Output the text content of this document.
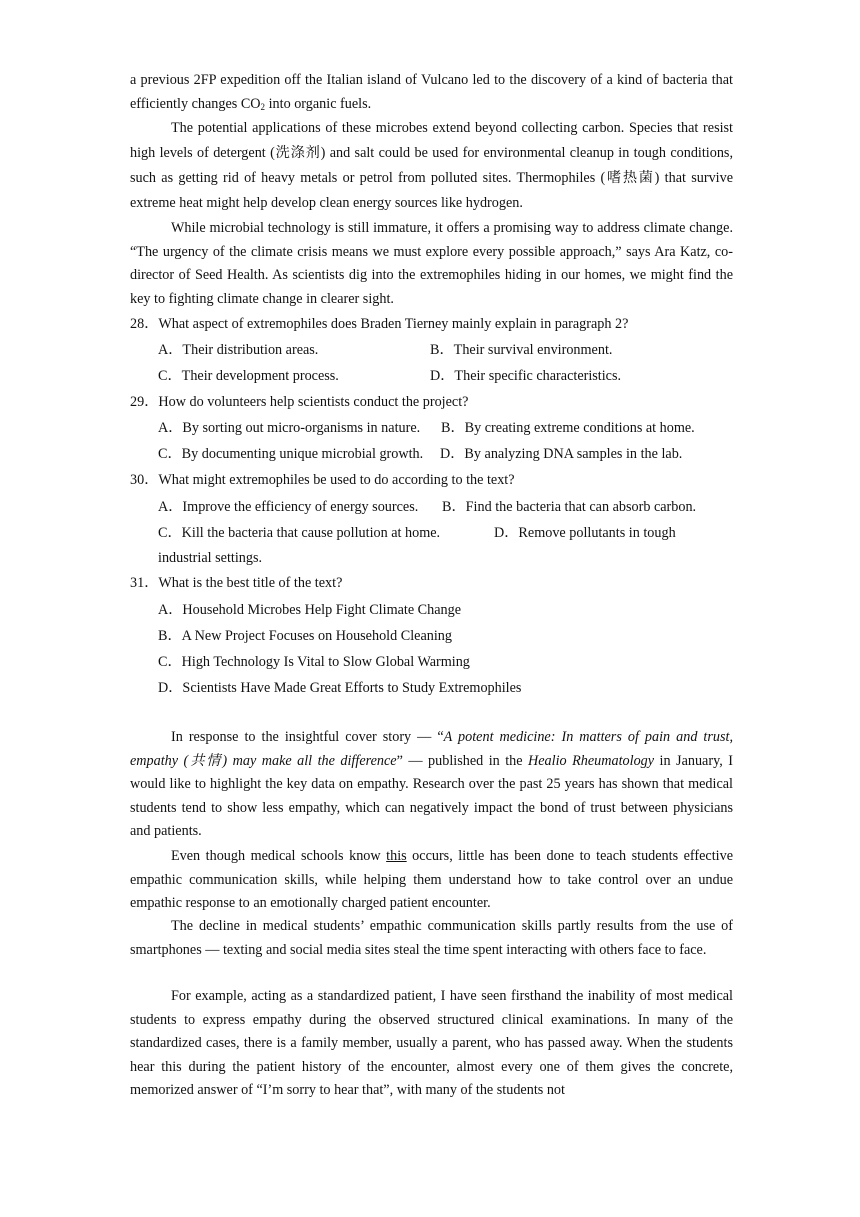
a previous 2FP expedition off the Italian island of Vulcano led to the discovery of a kind of bacteria that efficiently changes $CO_2$ into organic fuels.

The potential applications of these microbes extend beyond collecting carbon. Species that resist high levels of detergent (洗涤剂) and salt could be used for environmental cleanup in tough conditions, such as getting rid of heavy metals or petrol from polluted sites. Thermophiles (嗜热菌) that survive extreme heat might help develop clean energy sources like hydrogen.

While microbial technology is still immature, it offers a promising way to address climate change. “The urgency of the climate crisis means we must explore every possible approach,” says Ara Katz, co-director of Seed Health. As scientists dig into the extremophiles hiding in our homes, we might find the key to fighting climate change in clearer sight.

28．What aspect of extremophiles does Braden Tierney mainly explain in paragraph 2?
A．Their distribution areas.	B．Their survival environment.
C．Their development process.	D．Their specific characteristics.
29．How do volunteers help scientists conduct the project?
A．By sorting out micro-organisms in nature. B．By creating extreme conditions at home.
C．By documenting unique microbial growth. D．By analyzing DNA samples in the lab.
30．What might extremophiles be used to do according to the text?
A．Improve the efficiency of energy sources. B．Find the bacteria that can absorb carbon.
C．Kill the bacteria that cause pollution at home.	D．Remove pollutants in tough
industrial settings.
31．What is the best title of the text?
A．Household Microbes Help Fight Climate Change
B．A New Project Focuses on Household Cleaning
C．High Technology Is Vital to Slow Global Warming
D．Scientists Have Made Great Efforts to Study Extremophiles

In response to the insightful cover story — “A potent medicine: In matters of pain and trust, empathy (共情) may make all the difference” — published in the Healio Rheumatology in January, I would like to highlight the key data on empathy. Research over the past 25 years has shown that medical students tend to show less empathy, which can negatively impact the bond of trust between physicians and patients.

Even though medical schools know this occurs, little has been done to teach students effective empathic communication skills, while helping them understand how to take control over an undue empathic response to an emotionally charged patient encounter.

The decline in medical students’ empathic communication skills partly results from the use of smartphones — texting and social media sites steal the time spent interacting with others face to face.

For example, acting as a standardized patient, I have seen firsthand the inability of most medical students to express empathy during the observed structured clinical examinations. In many of the standardized cases, there is a family member, usually a parent, who has passed away. When the students hear this during the patient history of the encounter, almost every one of them gives the concrete, memorized answer of “I’m sorry to hear that”, with many of the students not
